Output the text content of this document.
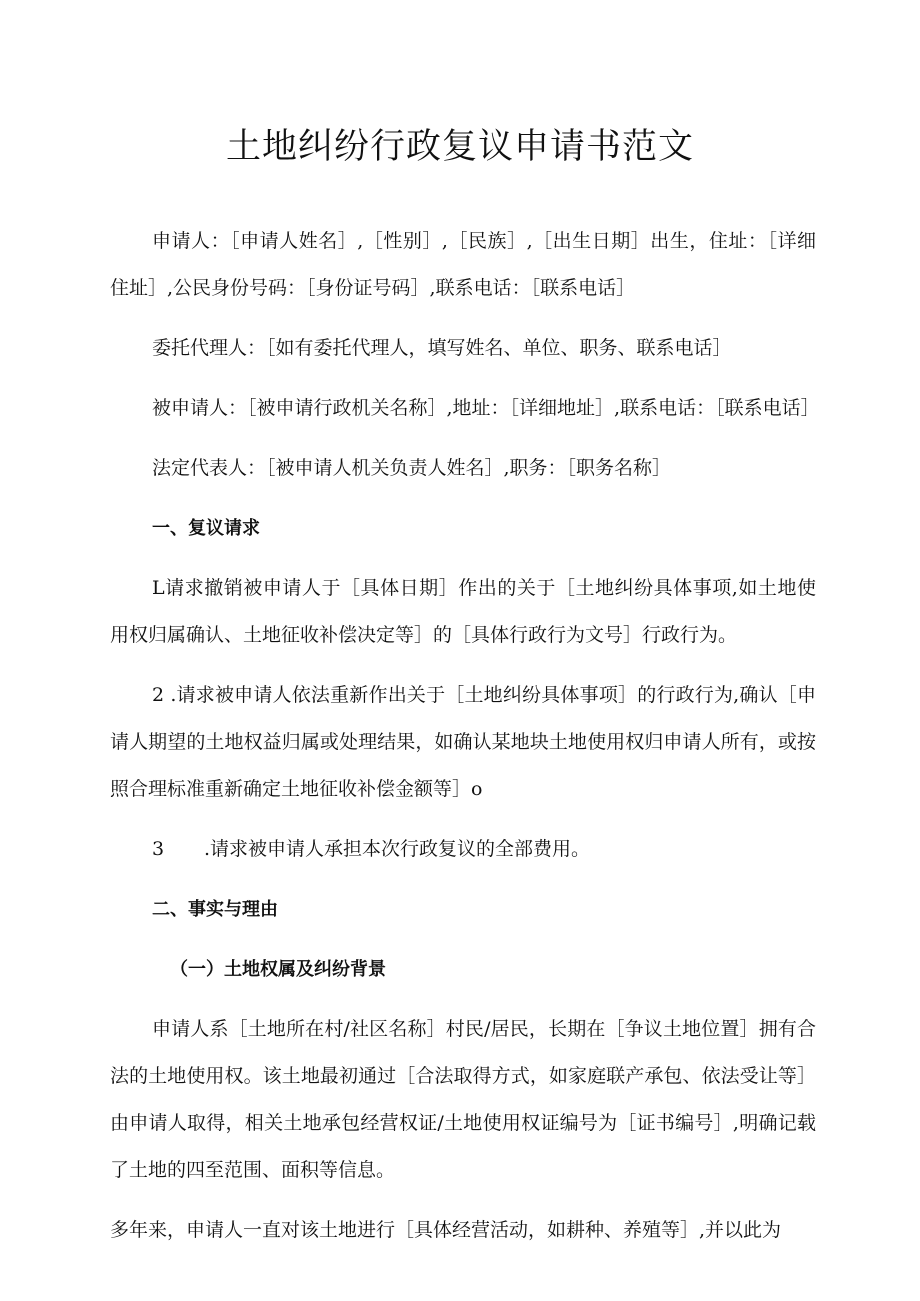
土地纠纷行政复议申请书范文

申请人：［申请人姓名］,［性别］,［民族］,［出生日期］出生，住址：［详细住址］,公民身份号码：［身份证号码］,联系电话：［联系电话］

委托代理人：［如有委托代理人，填写姓名、单位、职务、联系电话］

被申请人：［被申请行政机关名称］,地址：［详细地址］,联系电话：［联系电话］

法定代表人：［被申请人机关负责人姓名］,职务：［职务名称］

一、复议请求

L请求撤销被申请人于［具体日期］作出的关于［土地纠纷具体事项,如土地使用权归属确认、土地征收补偿决定等］的［具体行政行为文号］行政行为。

2 .请求被申请人依法重新作出关于［土地纠纷具体事项］的行政行为,确认［申请人期望的土地权益归属或处理结果，如确认某地块土地使用权归申请人所有，或按照合理标准重新确定土地征收补偿金额等］o

3 .请求被申请人承担本次行政复议的全部费用。

二、事实与理由
（一）土地权属及纠纷背景

申请人系［土地所在村/社区名称］村民/居民，长期在［争议土地位置］拥有合法的土地使用权。该土地最初通过［合法取得方式，如家庭联产承包、依法受让等］由申请人取得，相关土地承包经营权证/土地使用权证编号为［证书编号］,明确记载了土地的四至范围、面积等信息。

多年来，申请人一直对该土地进行［具体经营活动，如耕种、养殖等］,并以此为
